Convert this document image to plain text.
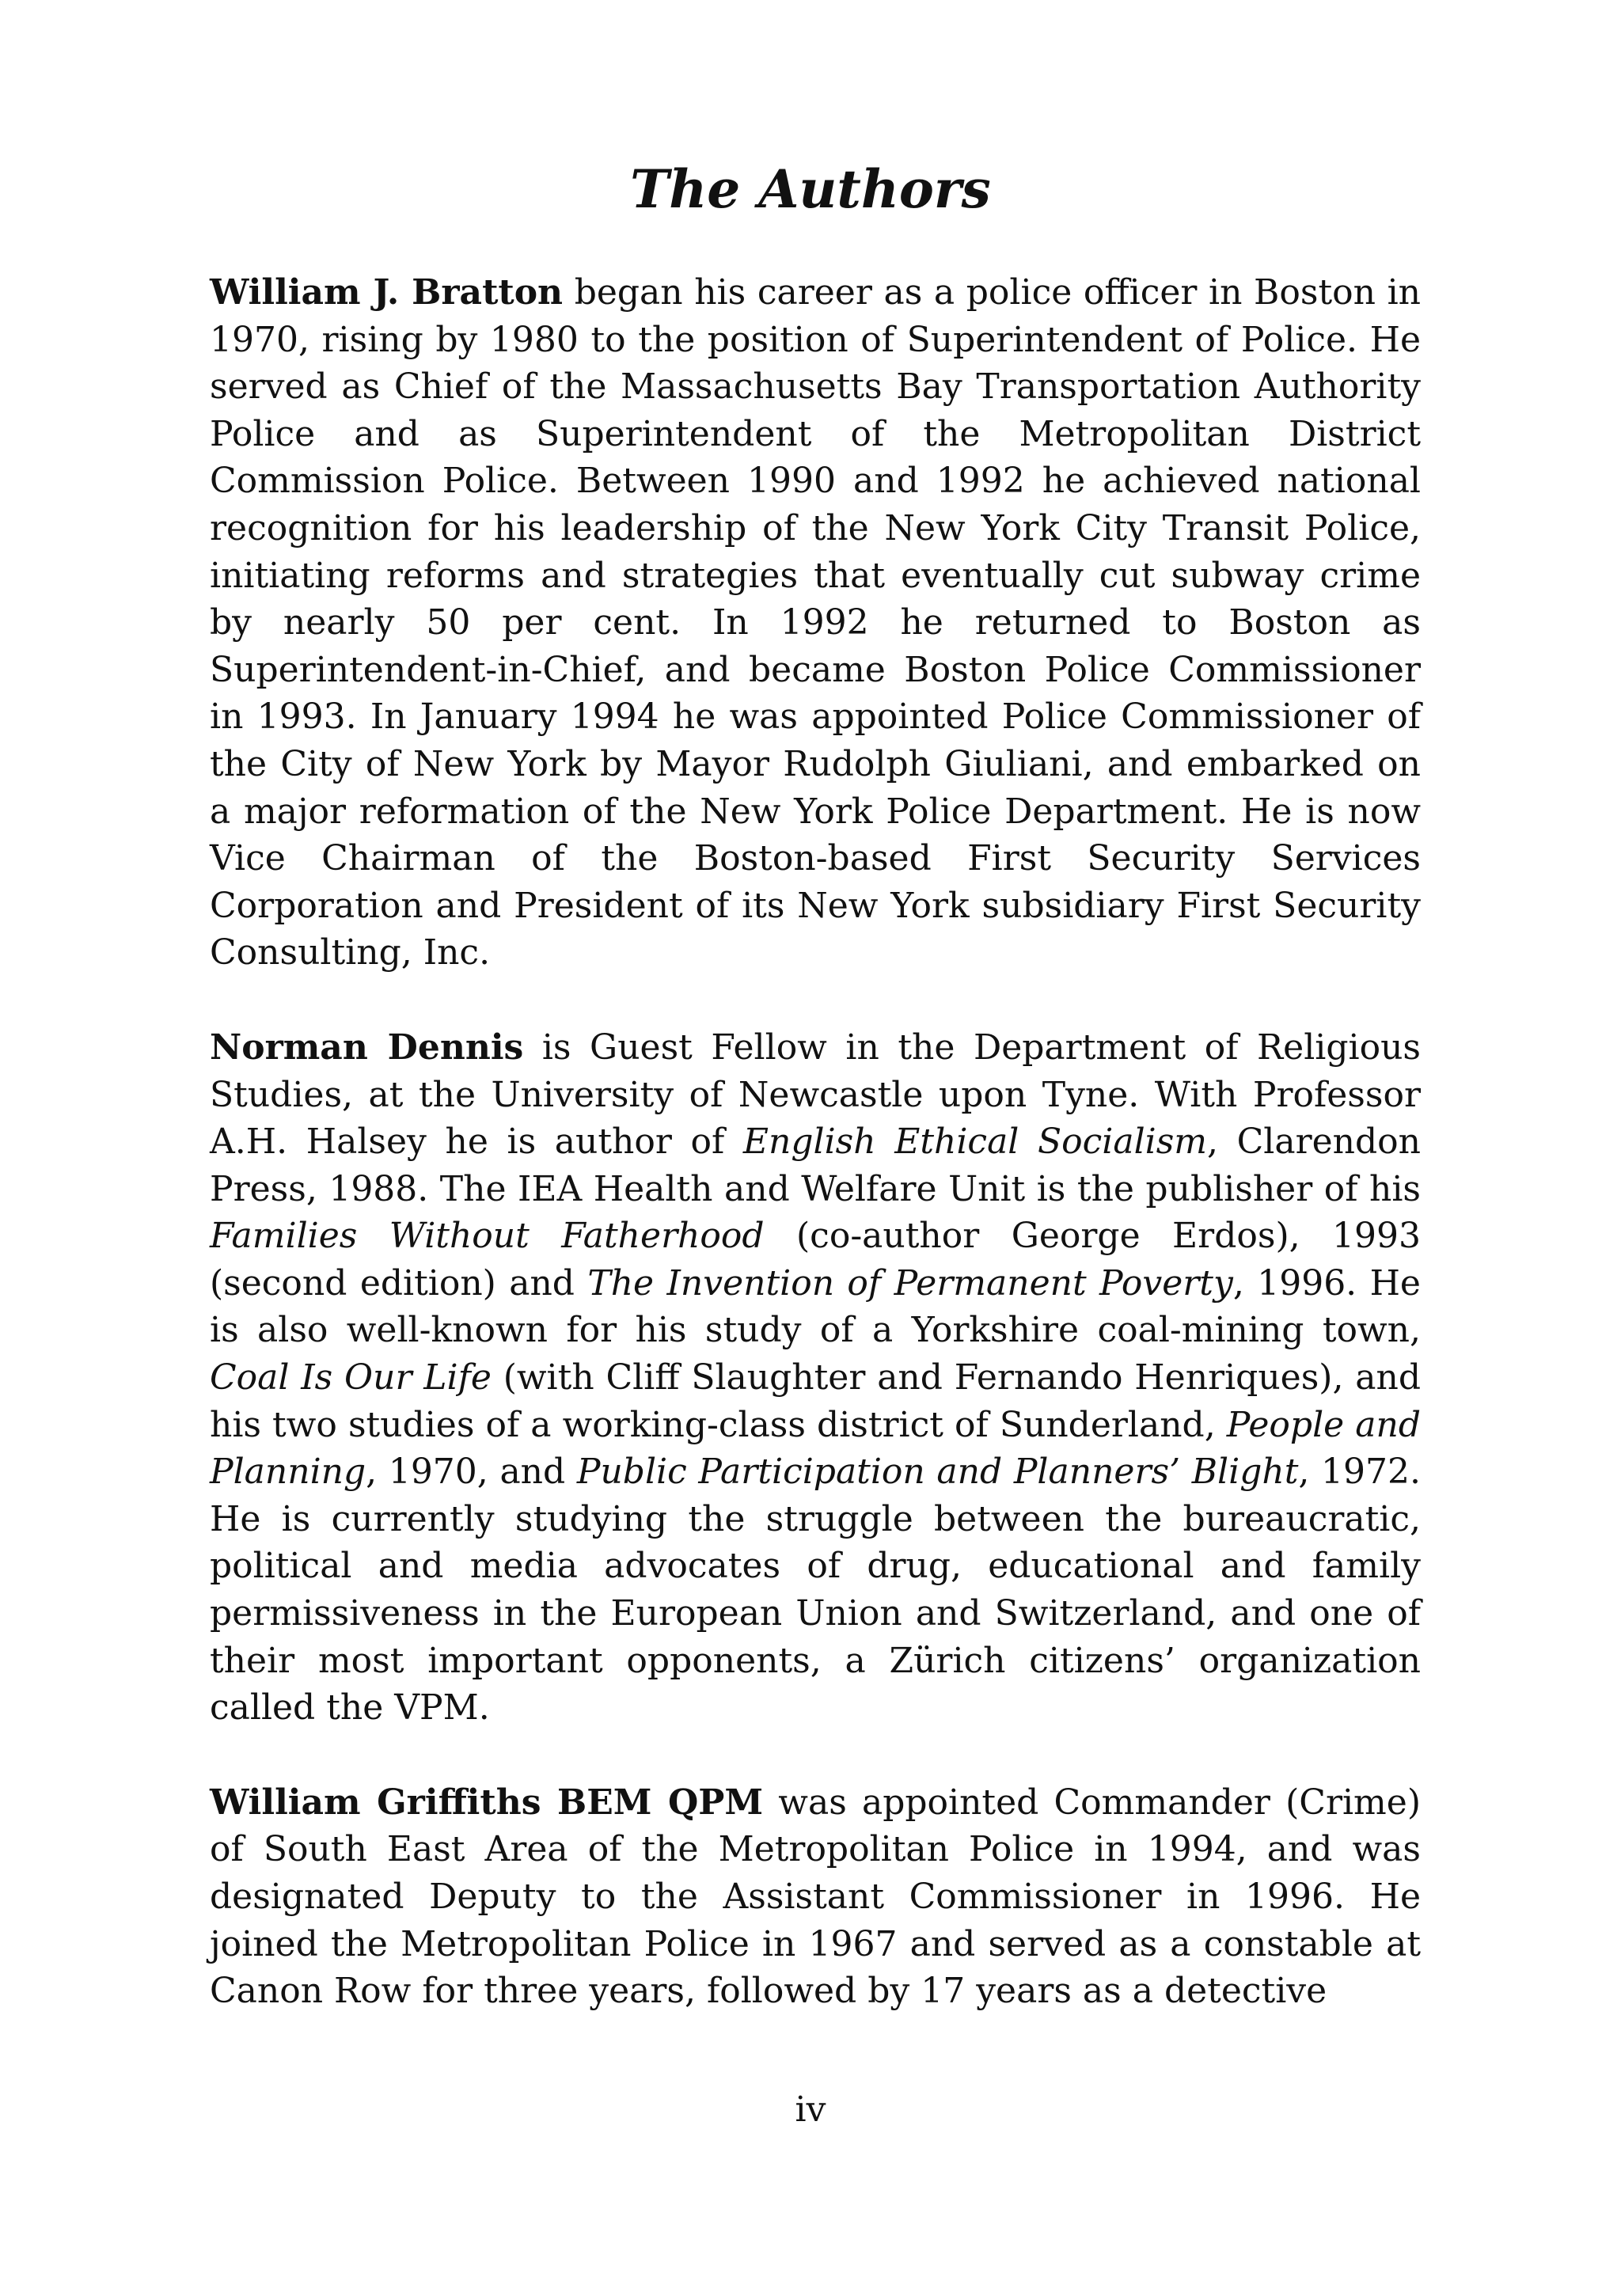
The Authors

William J. Bratton began his career as a police officer in Boston in 1970, rising by 1980 to the position of Superintendent of Police. He served as Chief of the Massachusetts Bay Transportation Authority Police and as Superintendent of the Metropolitan District Commission Police. Between 1990 and 1992 he achieved national recognition for his leadership of the New York City Transit Police, initiating reforms and strategies that eventually cut subway crime by nearly 50 per cent. In 1992 he returned to Boston as Superintendent-in-Chief, and became Boston Police Commissioner in 1993. In January 1994 he was appointed Police Commissioner of the City of New York by Mayor Rudolph Giuliani, and embarked on a major reformation of the New York Police Department. He is now Vice Chairman of the Boston-based First Security Services Corporation and President of its New York subsidiary First Security Consulting, Inc.

Norman Dennis is Guest Fellow in the Department of Religious Studies, at the University of Newcastle upon Tyne. With Professor A.H. Halsey he is author of English Ethical Socialism, Clarendon Press, 1988. The IEA Health and Welfare Unit is the publisher of his Families Without Fatherhood (co-author George Erdos), 1993 (second edition) and The Invention of Permanent Poverty, 1996. He is also well-known for his study of a Yorkshire coal-mining town, Coal Is Our Life (with Cliff Slaughter and Fernando Henriques), and his two studies of a working-class district of Sunderland, People and Planning, 1970, and Public Participation and Planners’ Blight, 1972. He is currently studying the struggle between the bureaucratic, political and media advocates of drug, educational and family permissiveness in the European Union and Switzerland, and one of their most important opponents, a Zürich citizens’ organization called the VPM.

William Griffiths BEM QPM was appointed Commander (Crime) of South East Area of the Metropolitan Police in 1994, and was designated Deputy to the Assistant Commissioner in 1996. He joined the Metropolitan Police in 1967 and served as a constable at Canon Row for three years, followed by 17 years as a detective

iv
